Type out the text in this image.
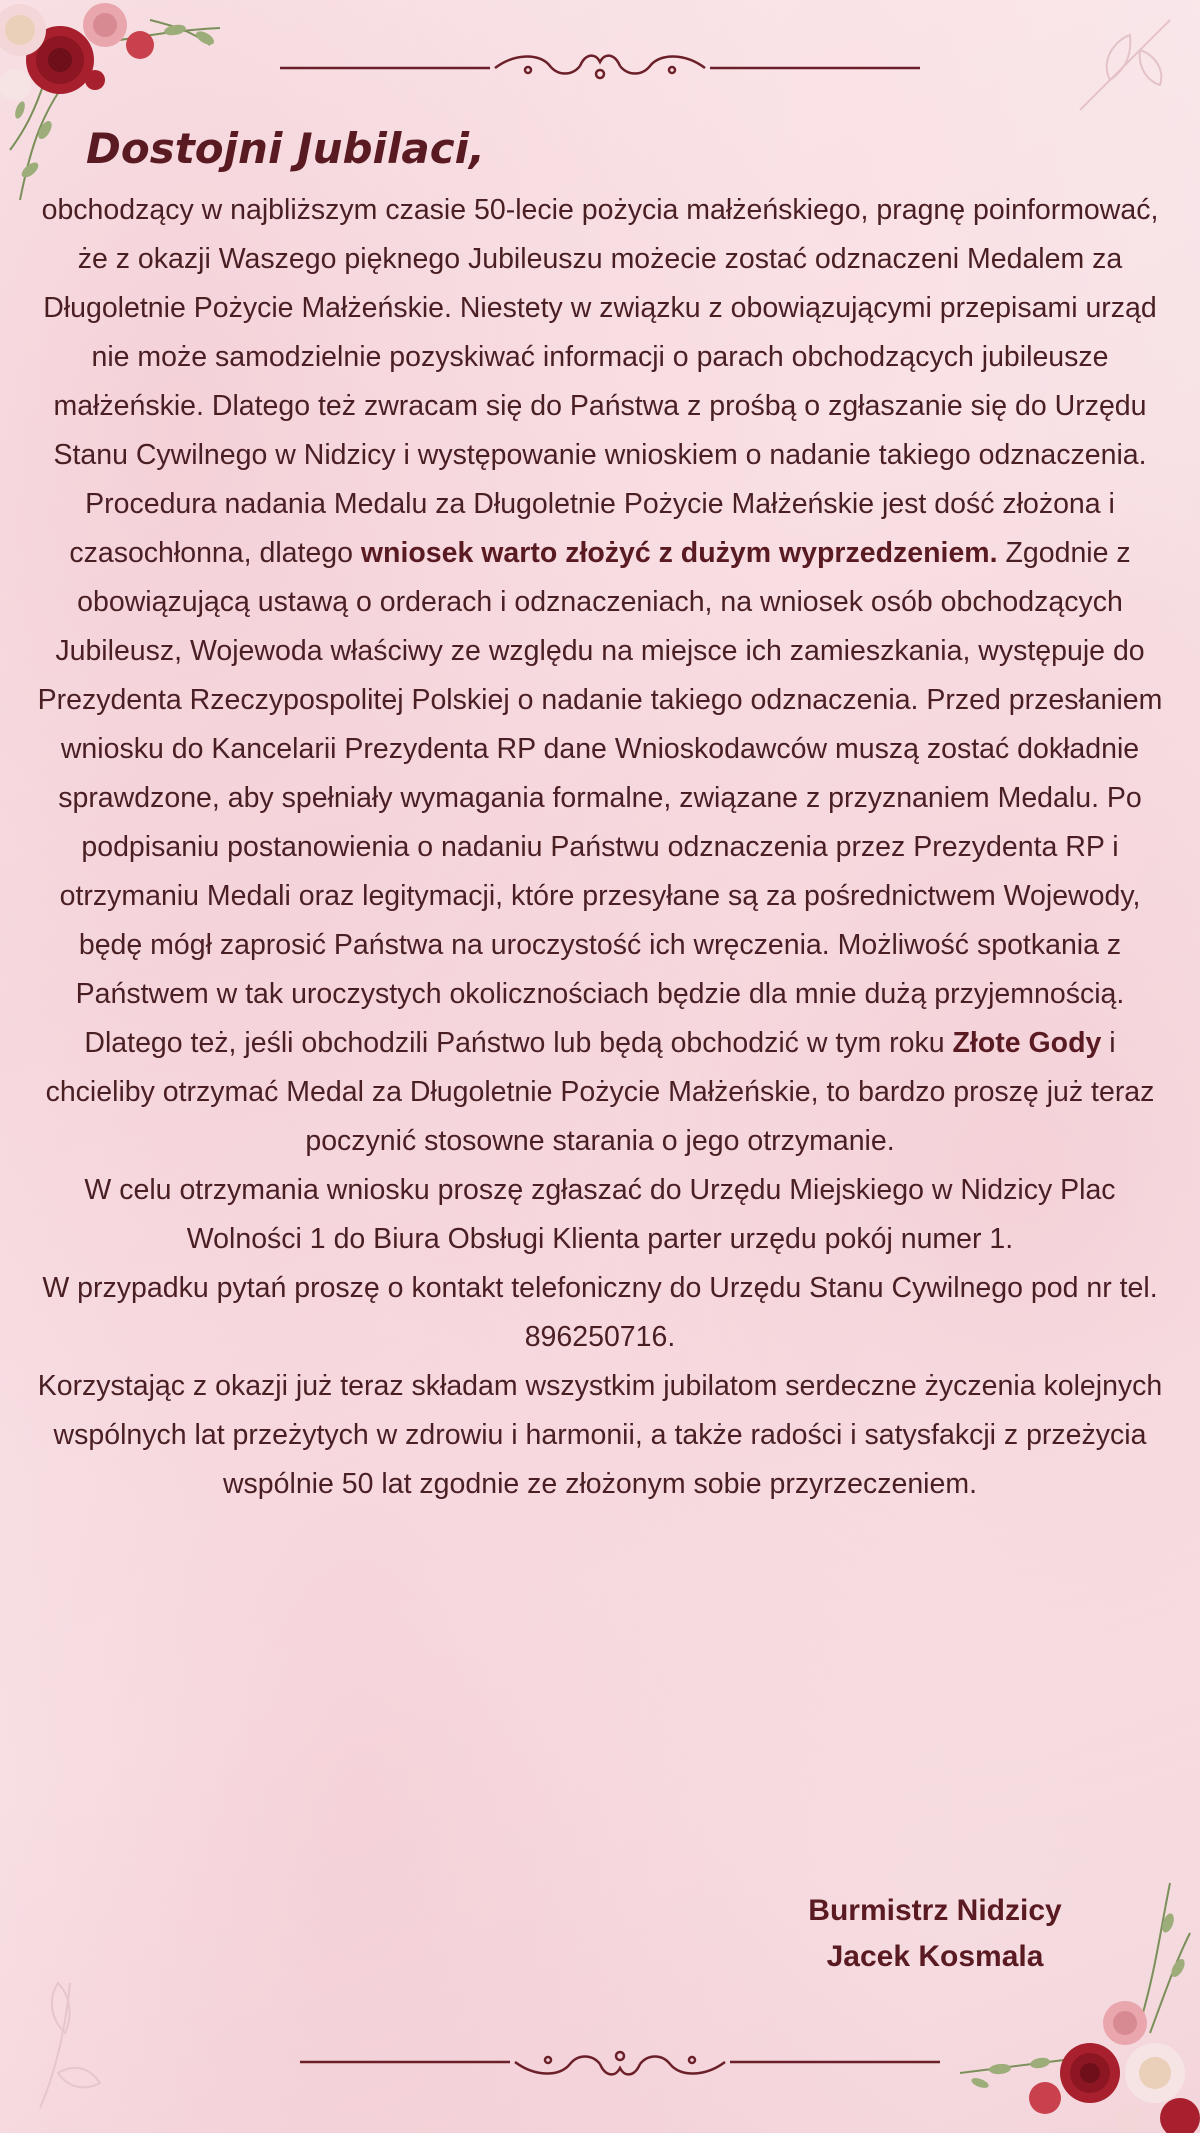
Dostojni Jubilaci,

obchodzący w najbliższym czasie 50-lecie pożycia małżeńskiego, pragnę poinformować, że z okazji Waszego pięknego Jubileuszu możecie zostać odznaczeni Medalem za Długoletnie Pożycie Małżeńskie. Niestety w związku z obowiązującymi przepisami urząd nie może samodzielnie pozyskiwać informacji o parach obchodzących jubileusze małżeńskie. Dlatego też zwracam się do Państwa z prośbą o zgłaszanie się do Urzędu Stanu Cywilnego w Nidzicy i występowanie wnioskiem o nadanie takiego odznaczenia.

Procedura nadania Medalu za Długoletnie Pożycie Małżeńskie jest dość złożona i czasochłonna, dlatego wniosek warto złożyć z dużym wyprzedzeniem. Zgodnie z obowiązującą ustawą o orderach i odznaczeniach, na wniosek osób obchodzących Jubileusz, Wojewoda właściwy ze względu na miejsce ich zamieszkania, występuje do Prezydenta Rzeczypospolitej Polskiej o nadanie takiego odznaczenia. Przed przesłaniem wniosku do Kancelarii Prezydenta RP dane Wnioskodawców muszą zostać dokładnie sprawdzone, aby spełniały wymagania formalne, związane z przyznaniem Medalu. Po podpisaniu postanowienia o nadaniu Państwu odznaczenia przez Prezydenta RP i otrzymaniu Medali oraz legitymacji, które przesyłane są za pośrednictwem Wojewody, będę mógł zaprosić Państwa na uroczystość ich wręczenia. Możliwość spotkania z Państwem w tak uroczystych okolicznościach będzie dla mnie dużą przyjemnością. Dlatego też, jeśli obchodzili Państwo lub będą obchodzić w tym roku Złote Gody i chcieliby otrzymać Medal za Długoletnie Pożycie Małżeńskie, to bardzo proszę już teraz poczynić stosowne starania o jego otrzymanie.

W celu otrzymania wniosku proszę zgłaszać do Urzędu Miejskiego w Nidzicy Plac Wolności 1 do Biura Obsługi Klienta parter urzędu pokój numer 1.

W przypadku pytań proszę o kontakt telefoniczny do Urzędu Stanu Cywilnego pod nr tel. 896250716.

Korzystając z okazji już teraz składam wszystkim jubilatom serdeczne życzenia kolejnych wspólnych lat przeżytych w zdrowiu i harmonii, a także radości i satysfakcji z przeżycia wspólnie 50 lat zgodnie ze złożonym sobie przyrzeczeniem.

Burmistrz Nidzicy
Jacek Kosmala
